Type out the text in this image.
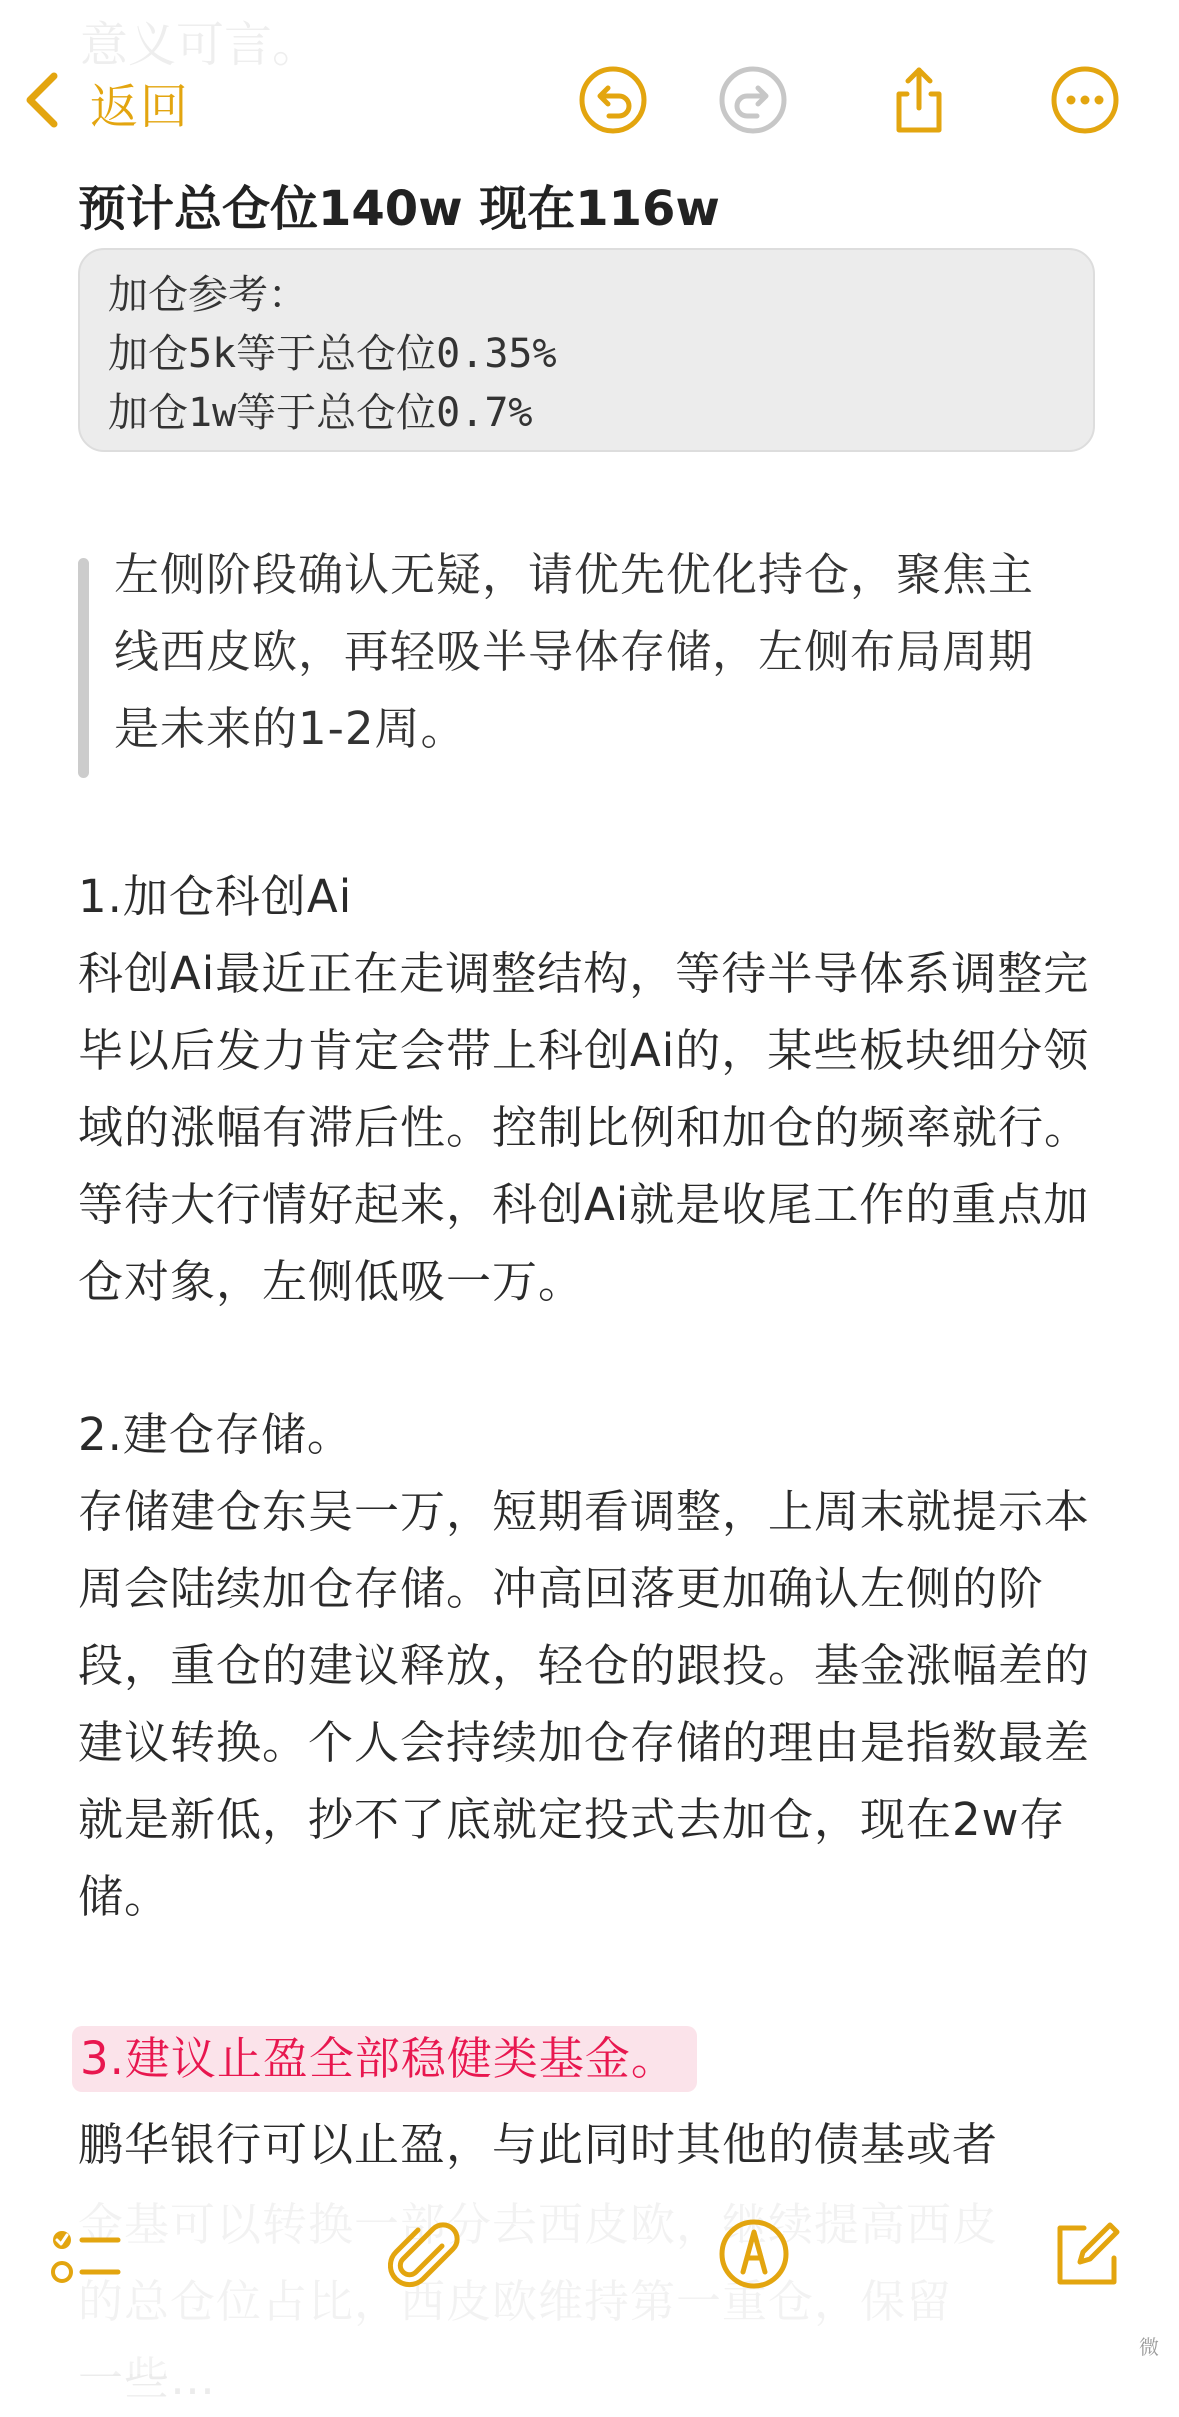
返回
预计总仓位140w 现在116w
加仓参考：
加仓5k等于总仓位0.35%
加仓1w等于总仓位0.7%
左侧阶段确认无疑，请优先优化持仓，聚焦主线西皮欧，再轻吸半导体存储，左侧布局周期是未来的1-2周。

1.加仓科创Ai

科创Ai最近正在走调整结构，等待半导体系调整完毕以后发力肯定会带上科创Ai的，某些板块细分领域的涨幅有滞后性。控制比例和加仓的频率就行。等待大行情好起来，科创Ai就是收尾工作的重点加仓对象，左侧低吸一万。

2.建仓存储。

存储建仓东吴一万，短期看调整，上周末就提示本周会陆续加仓存储。冲高回落更加确认左侧的阶段，重仓的建议释放，轻仓的跟投。基金涨幅差的建议转换。个人会持续加仓存储的理由是指数最差就是新低，抄不了底就定投式去加仓，现在2w存储。

3.建议止盈全部稳健类基金。
鹏华银行可以止盈，与此同时其他的债基或者
金基可以转换一部分去西皮欧，继续提高西皮
的总仓位占比，西皮欧维持第一重仓，保留
一些…
微
